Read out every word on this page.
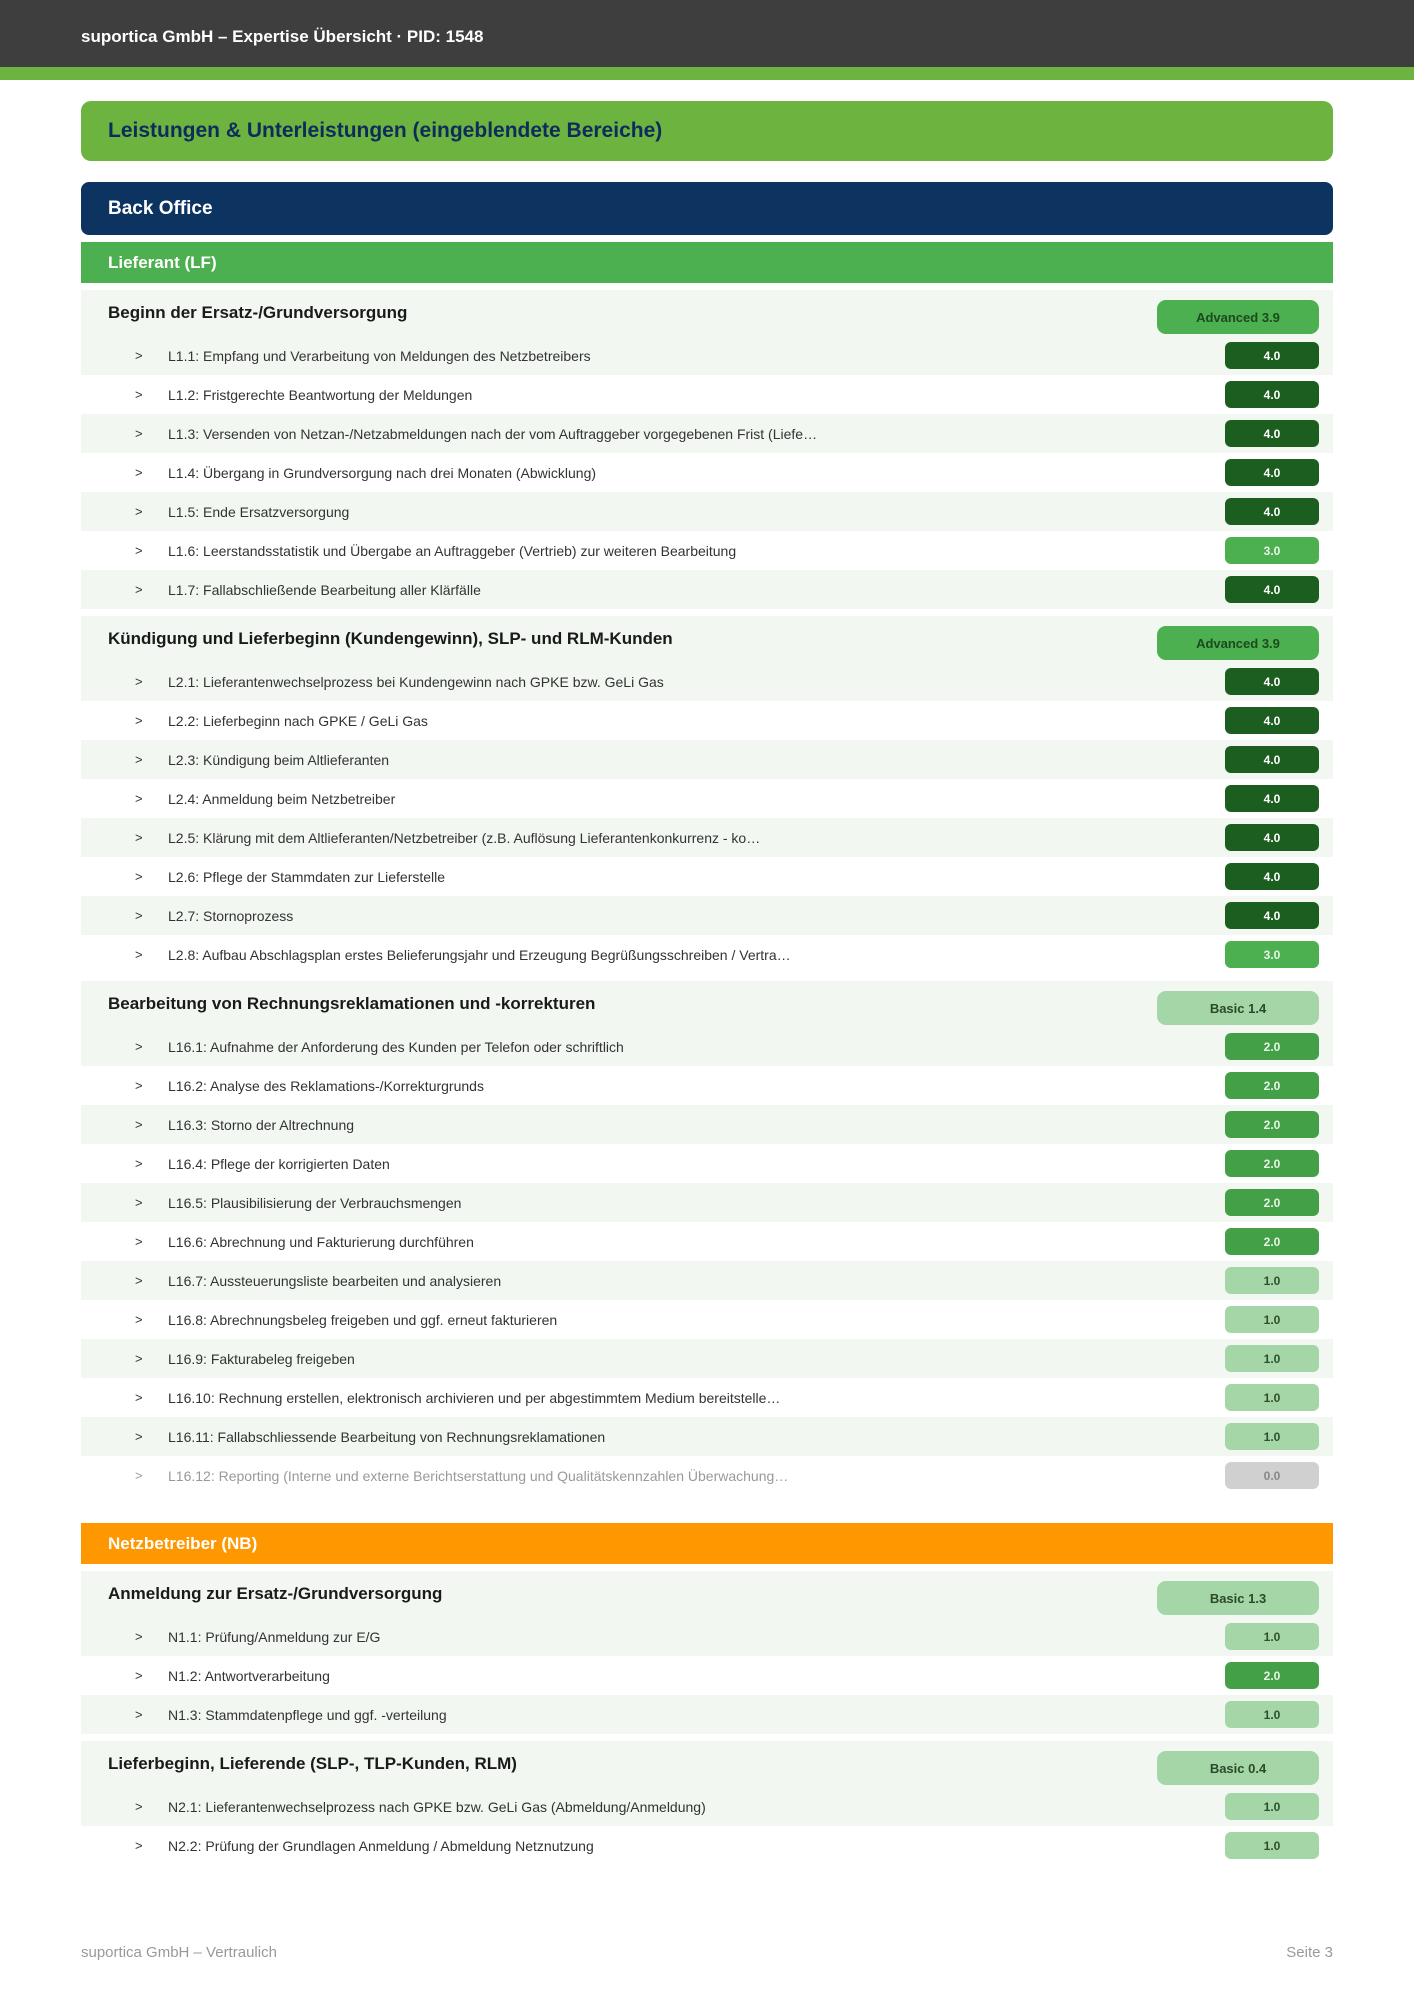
suportica GmbH – Expertise Übersicht · PID: 1548
Leistungen & Unterleistungen (eingeblendete Bereiche)
Back Office
Lieferant (LF)
Beginn der Ersatz-/Grundversorgung	Advanced 3.9
> L1.1: Empfang und Verarbeitung von Meldungen des Netzbetreibers	4.0
> L1.2: Fristgerechte Beantwortung der Meldungen	4.0
> L1.3: Versenden von Netzan-/Netzabmeldungen nach der vom Auftraggeber vorgegebenen Frist (Liefe…	4.0
> L1.4: Übergang in Grundversorgung nach drei Monaten (Abwicklung)	4.0
> L1.5: Ende Ersatzversorgung	4.0
> L1.6: Leerstandsstatistik und Übergabe an Auftraggeber (Vertrieb) zur weiteren Bearbeitung	3.0
> L1.7: Fallabschließende Bearbeitung aller Klärfälle	4.0
Kündigung und Lieferbeginn (Kundengewinn), SLP- und RLM-Kunden	Advanced 3.9
> L2.1: Lieferantenwechselprozess bei Kundengewinn nach GPKE bzw. GeLi Gas	4.0
> L2.2: Lieferbeginn nach GPKE / GeLi Gas	4.0
> L2.3: Kündigung beim Altlieferanten	4.0
> L2.4: Anmeldung beim Netzbetreiber	4.0
> L2.5: Klärung mit dem Altlieferanten/Netzbetreiber (z.B. Auflösung Lieferantenkonkurrenz - ko…	4.0
> L2.6: Pflege der Stammdaten zur Lieferstelle	4.0
> L2.7: Stornoprozess	4.0
> L2.8: Aufbau Abschlagsplan erstes Belieferungsjahr und Erzeugung Begrüßungsschreiben / Vertra…	3.0
Bearbeitung von Rechnungsreklamationen und -korrekturen	Basic 1.4
> L16.1: Aufnahme der Anforderung des Kunden per Telefon oder schriftlich	2.0
> L16.2: Analyse des Reklamations-/Korrekturgrunds	2.0
> L16.3: Storno der Altrechnung	2.0
> L16.4: Pflege der korrigierten Daten	2.0
> L16.5: Plausibilisierung der Verbrauchsmengen	2.0
> L16.6: Abrechnung und Fakturierung durchführen	2.0
> L16.7: Aussteuerungsliste bearbeiten und analysieren	1.0
> L16.8: Abrechnungsbeleg freigeben und ggf. erneut fakturieren	1.0
> L16.9: Fakturabeleg freigeben	1.0
> L16.10: Rechnung erstellen, elektronisch archivieren und per abgestimmtem Medium bereitstelle…	1.0
> L16.11: Fallabschliessende Bearbeitung von Rechnungsreklamationen	1.0
> L16.12: Reporting (Interne und externe Berichtserstattung und Qualitätskennzahlen Überwachung…	0.0
Netzbetreiber (NB)
Anmeldung zur Ersatz-/Grundversorgung	Basic 1.3
> N1.1: Prüfung/Anmeldung zur E/G	1.0
> N1.2: Antwortverarbeitung	2.0
> N1.3: Stammdatenpflege und ggf. -verteilung	1.0
Lieferbeginn, Lieferende (SLP-, TLP-Kunden, RLM)	Basic 0.4
> N2.1: Lieferantenwechselprozess nach GPKE bzw. GeLi Gas (Abmeldung/Anmeldung)	1.0
> N2.2: Prüfung der Grundlagen Anmeldung / Abmeldung Netznutzung	1.0
suportica GmbH – Vertraulich	Seite 3
